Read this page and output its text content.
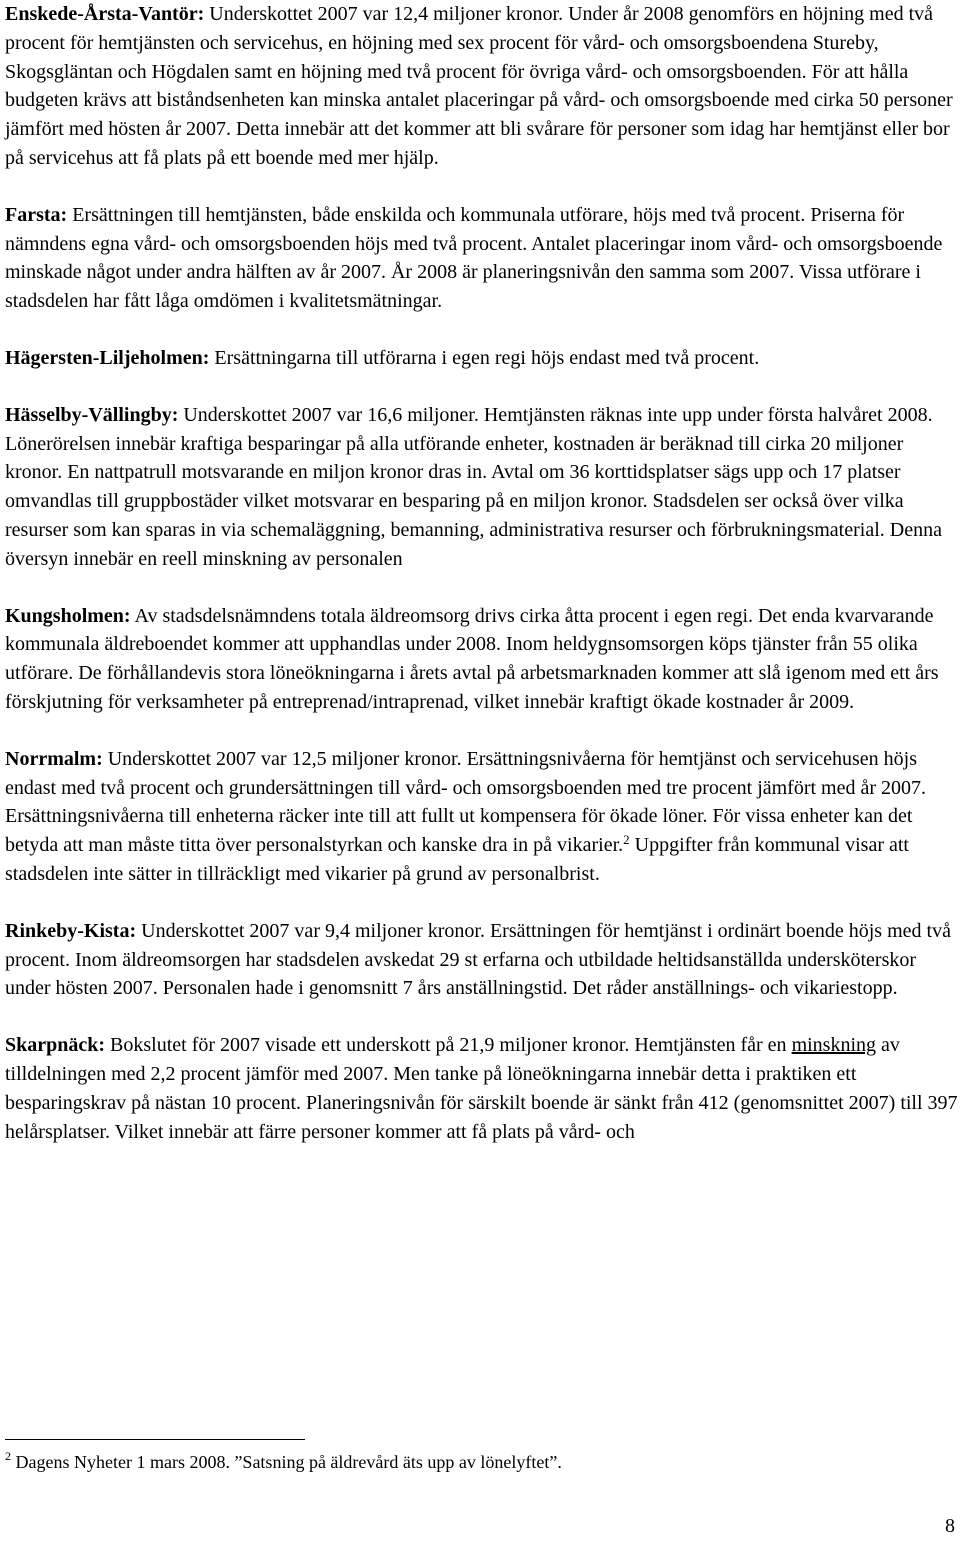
Enskede-Årsta-Vantör: Underskottet 2007 var 12,4 miljoner kronor. Under år 2008 genomförs en höjning med två procent för hemtjänsten och servicehus, en höjning med sex procent för vård- och omsorgsboendena Stureby, Skogsgläntan och Högdalen samt en höjning med två procent för övriga vård- och omsorgsboenden. För att hålla budgeten krävs att biståndsenheten kan minska antalet placeringar på vård- och omsorgsboende med cirka 50 personer jämfört med hösten år 2007. Detta innebär att det kommer att bli svårare för personer som idag har hemtjänst eller bor på servicehus att få plats på ett boende med mer hjälp.

Farsta: Ersättningen till hemtjänsten, både enskilda och kommunala utförare, höjs med två procent. Priserna för nämndens egna vård- och omsorgsboenden höjs med två procent. Antalet placeringar inom vård- och omsorgsboende minskade något under andra hälften av år 2007. År 2008 är planeringsnivån den samma som 2007. Vissa utförare i stadsdelen har fått låga omdömen i kvalitetsmätningar.

Hägersten-Liljeholmen: Ersättningarna till utförarna i egen regi höjs endast med två procent.

Hässelby-Vällingby: Underskottet 2007 var 16,6 miljoner. Hemtjänsten räknas inte upp under första halvåret 2008. Lönerörelsen innebär kraftiga besparingar på alla utförande enheter, kostnaden är beräknad till cirka 20 miljoner kronor. En nattpatrull motsvarande en miljon kronor dras in. Avtal om 36 korttidsplatser sägs upp och 17 platser omvandlas till gruppbostäder vilket motsvarar en besparing på en miljon kronor. Stadsdelen ser också över vilka resurser som kan sparas in via schemaläggning, bemanning, administrativa resurser och förbrukningsmaterial. Denna översyn innebär en reell minskning av personalen

Kungsholmen: Av stadsdelsnämndens totala äldreomsorg drivs cirka åtta procent i egen regi. Det enda kvarvarande kommunala äldreboendet kommer att upphandlas under 2008. Inom heldygnsomsorgen köps tjänster från 55 olika utförare. De förhållandevis stora löneökningarna i årets avtal på arbetsmarknaden kommer att slå igenom med ett års förskjutning för verksamheter på entreprenad/intraprenad, vilket innebär kraftigt ökade kostnader år 2009.

Norrmalm: Underskottet 2007 var 12,5 miljoner kronor. Ersättningsnivåerna för hemtjänst och servicehusen höjs endast med två procent och grundersättningen till vård- och omsorgsboenden med tre procent jämfört med år 2007. Ersättningsnivåerna till enheterna räcker inte till att fullt ut kompensera för ökade löner. För vissa enheter kan det betyda att man måste titta över personalstyrkan och kanske dra in på vikarier.$^2$ Uppgifter från kommunal visar att stadsdelen inte sätter in tillräckligt med vikarier på grund av personalbrist.

Rinkeby-Kista: Underskottet 2007 var 9,4 miljoner kronor. Ersättningen för hemtjänst i ordinärt boende höjs med två procent. Inom äldreomsorgen har stadsdelen avskedat 29 st erfarna och utbildade heltidsanställda undersköterskor under hösten 2007. Personalen hade i genomsnitt 7 års anställningstid. Det råder anställnings- och vikariestopp.

Skarpnäck: Bokslutet för 2007 visade ett underskott på 21,9 miljoner kronor. Hemtjänsten får en minskning av tilldelningen med 2,2 procent jämför med 2007. Men tanke på löneökningarna innebär detta i praktiken ett besparingskrav på nästan 10 procent. Planeringsnivån för särskilt boende är sänkt från 412 (genomsnittet 2007) till 397 helårsplatser. Vilket innebär att färre personer kommer att få plats på vård- och

$^2$ Dagens Nyheter 1 mars 2008. ”Satsning på äldrevård äts upp av lönelyftet”.
8
